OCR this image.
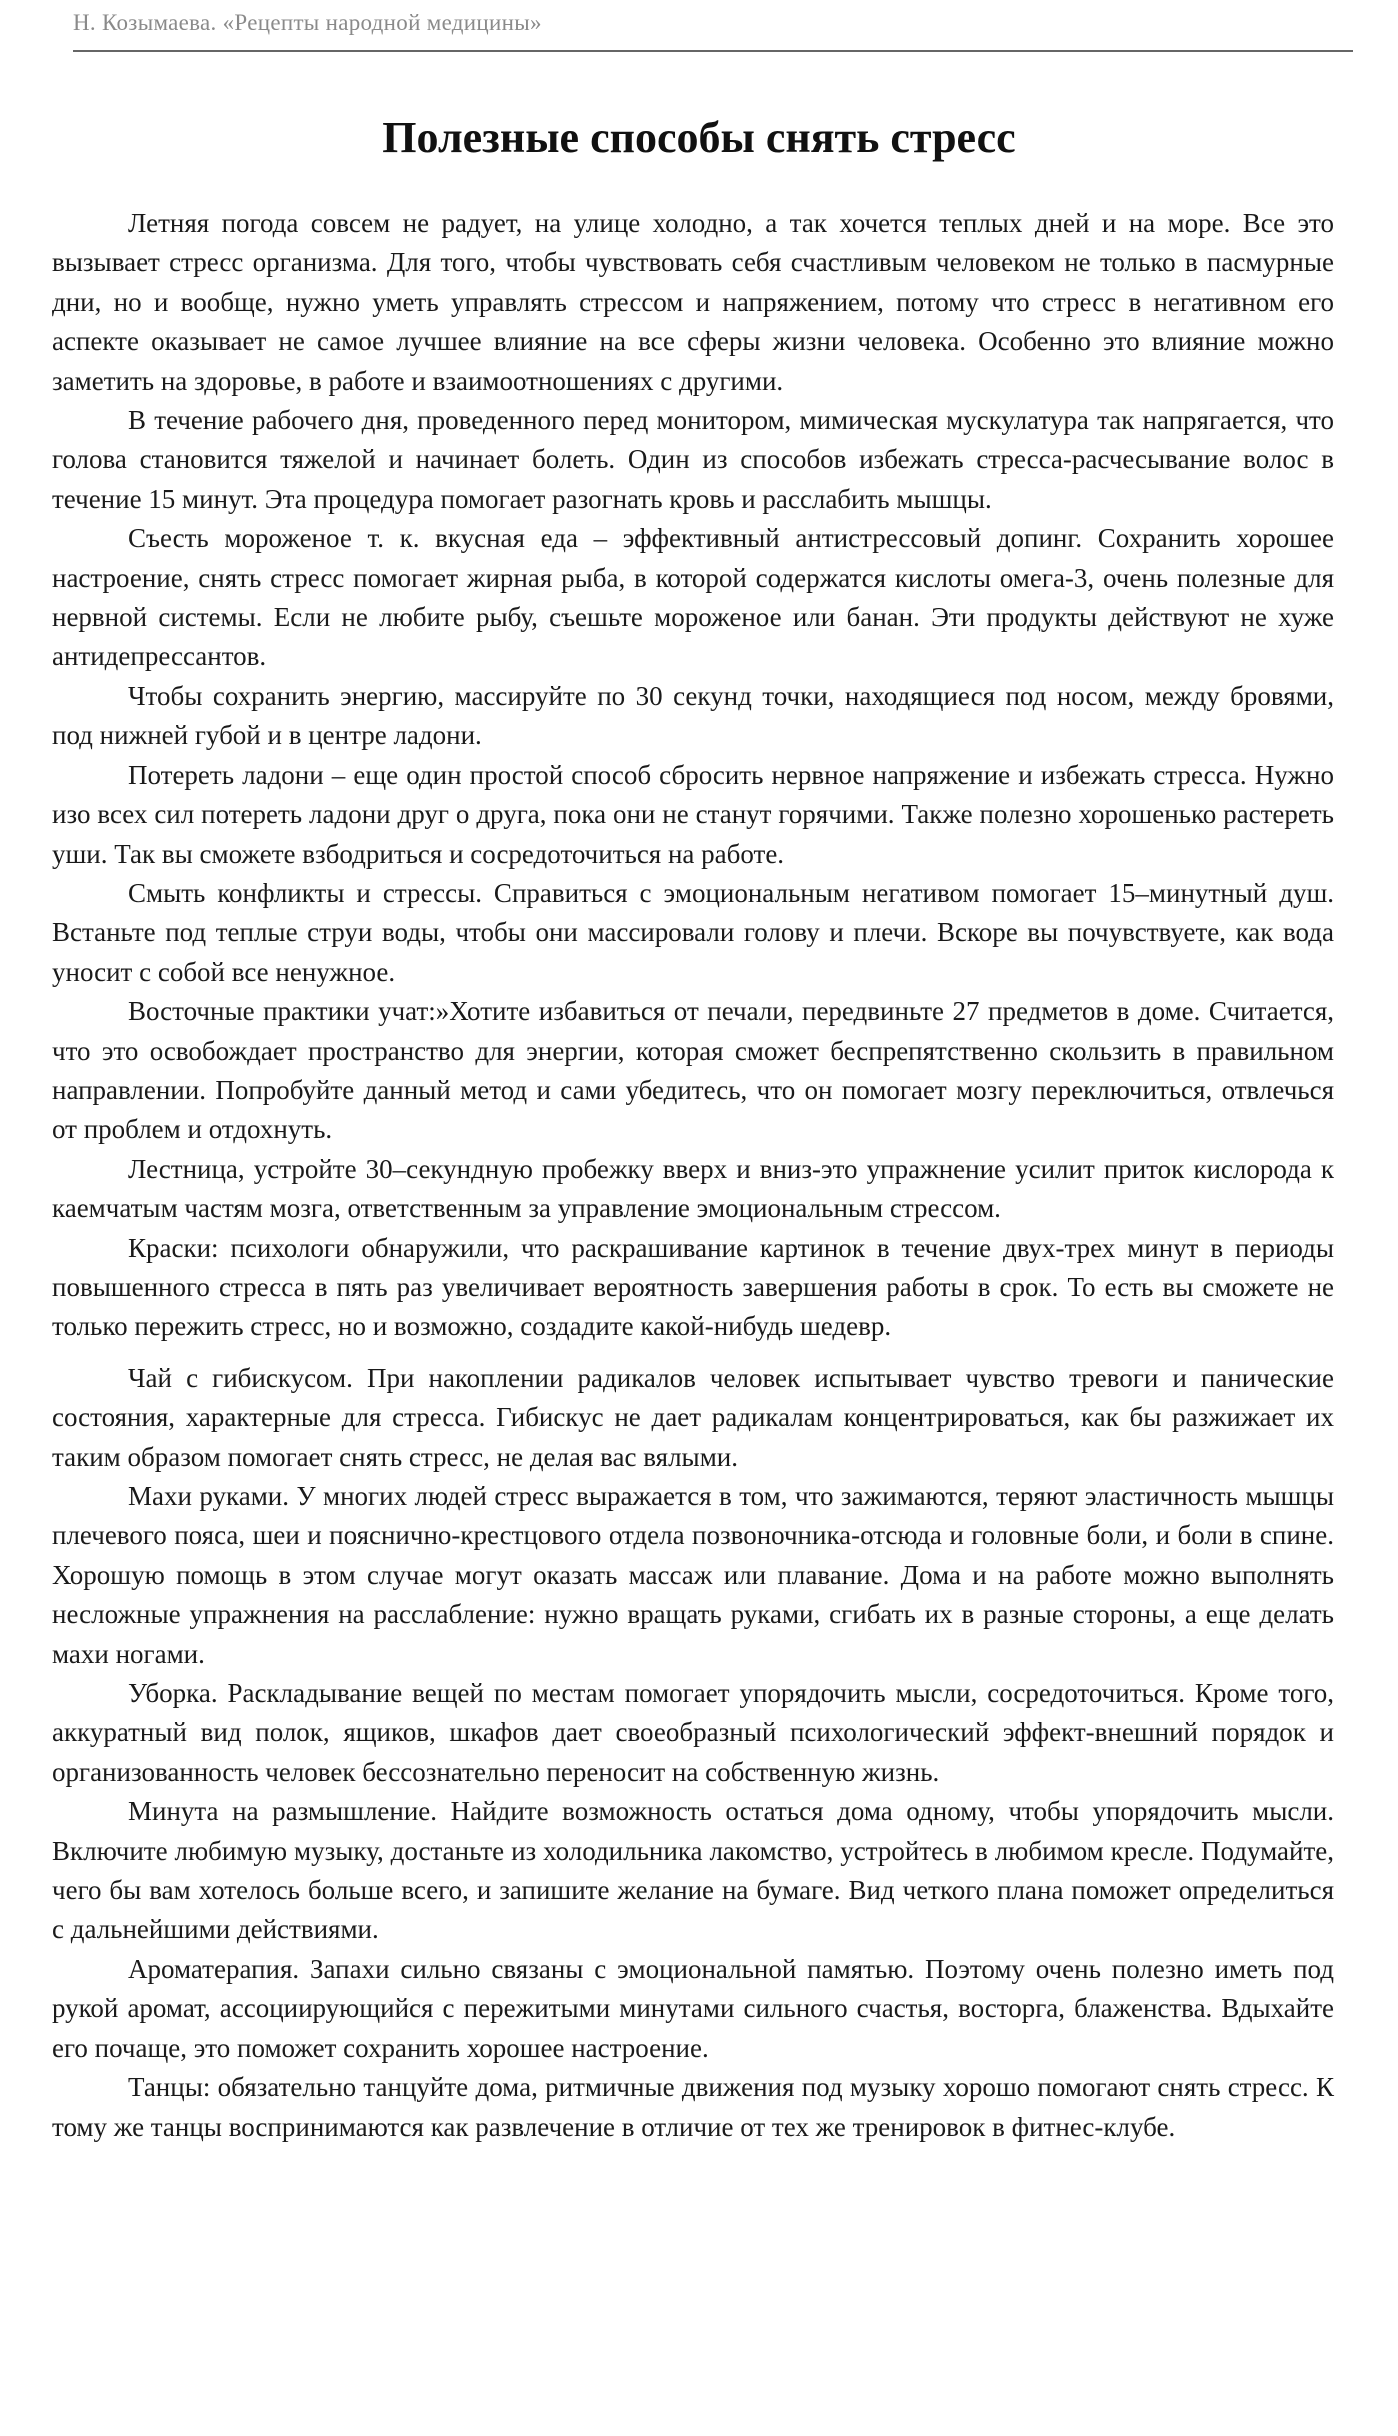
Н. Козымаева. «Рецепты народной медицины»
Полезные способы снять стресс

Летняя погода совсем не радует, на улице холодно, а так хочется теплых дней и на море. Все это вызывает стресс организма. Для того, чтобы чувствовать себя счастливым человеком не только в пасмурные дни, но и вообще, нужно уметь управлять стрессом и напряжением, потому что стресс в негативном его аспекте оказывает не самое лучшее влияние на все сферы жизни человека. Особенно это влияние можно заметить на здоровье, в работе и взаимоотношениях с другими.

В течение рабочего дня, проведенного перед монитором, мимическая мускулатура так напрягается, что голова становится тяжелой и начинает болеть. Один из способов избежать стресса-расчесывание волос в течение 15 минут. Эта процедура помогает разогнать кровь и расслабить мышцы.

Съесть мороженое т. к. вкусная еда – эффективный антистрессовый допинг. Сохранить хорошее настроение, снять стресс помогает жирная рыба, в которой содержатся кислоты омега-3, очень полезные для нервной системы. Если не любите рыбу, съешьте мороженое или банан. Эти продукты действуют не хуже антидепрессантов.

Чтобы сохранить энергию, массируйте по 30 секунд точки, находящиеся под носом, между бровями, под нижней губой и в центре ладони.

Потереть ладони – еще один простой способ сбросить нервное напряжение и избежать стресса. Нужно изо всех сил потереть ладони друг о друга, пока они не станут горячими. Также полезно хорошенько растереть уши. Так вы сможете взбодриться и сосредоточиться на работе.

Смыть конфликты и стрессы. Справиться с эмоциональным негативом помогает 15–минутный душ. Встаньте под теплые струи воды, чтобы они массировали голову и плечи. Вскоре вы почувствуете, как вода уносит с собой все ненужное.

Восточные практики учат:»Хотите избавиться от печали, передвиньте 27 предметов в доме. Считается, что это освобождает пространство для энергии, которая сможет беспрепятственно скользить в правильном направлении. Попробуйте данный метод и сами убедитесь, что он помогает мозгу переключиться, отвлечься от проблем и отдохнуть.

Лестница, устройте 30–секундную пробежку вверх и вниз-это упражнение усилит приток кислорода к каемчатым частям мозга, ответственным за управление эмоциональным стрессом.

Краски: психологи обнаружили, что раскрашивание картинок в течение двух-трех минут в периоды повышенного стресса в пять раз увеличивает вероятность завершения работы в срок. То есть вы сможете не только пережить стресс, но и возможно, создадите какой-нибудь шедевр.

Чай с гибискусом. При накоплении радикалов человек испытывает чувство тревоги и панические состояния, характерные для стресса. Гибискус не дает радикалам концентрироваться, как бы разжижает их таким образом помогает снять стресс, не делая вас вялыми.

Махи руками. У многих людей стресс выражается в том, что зажимаются, теряют эластичность мышцы плечевого пояса, шеи и пояснично-крестцового отдела позвоночника-отсюда и головные боли, и боли в спине. Хорошую помощь в этом случае могут оказать массаж или плавание. Дома и на работе можно выполнять несложные упражнения на расслабление: нужно вращать руками, сгибать их в разные стороны, а еще делать махи ногами.

Уборка. Раскладывание вещей по местам помогает упорядочить мысли, сосредоточиться. Кроме того, аккуратный вид полок, ящиков, шкафов дает своеобразный психологический эффект-внешний порядок и организованность человек бессознательно переносит на собственную жизнь.

Минута на размышление. Найдите возможность остаться дома одному, чтобы упорядочить мысли. Включите любимую музыку, достаньте из холодильника лакомство, устройтесь в любимом кресле. Подумайте, чего бы вам хотелось больше всего, и запишите желание на бумаге. Вид четкого плана поможет определиться с дальнейшими действиями.

Ароматерапия. Запахи сильно связаны с эмоциональной памятью. Поэтому очень полезно иметь под рукой аромат, ассоциирующийся с пережитыми минутами сильного счастья, восторга, блаженства. Вдыхайте его почаще, это поможет сохранить хорошее настроение.

Танцы: обязательно танцуйте дома, ритмичные движения под музыку хорошо помогают снять стресс. К тому же танцы воспринимаются как развлечение в отличие от тех же тренировок в фитнес-клубе.
